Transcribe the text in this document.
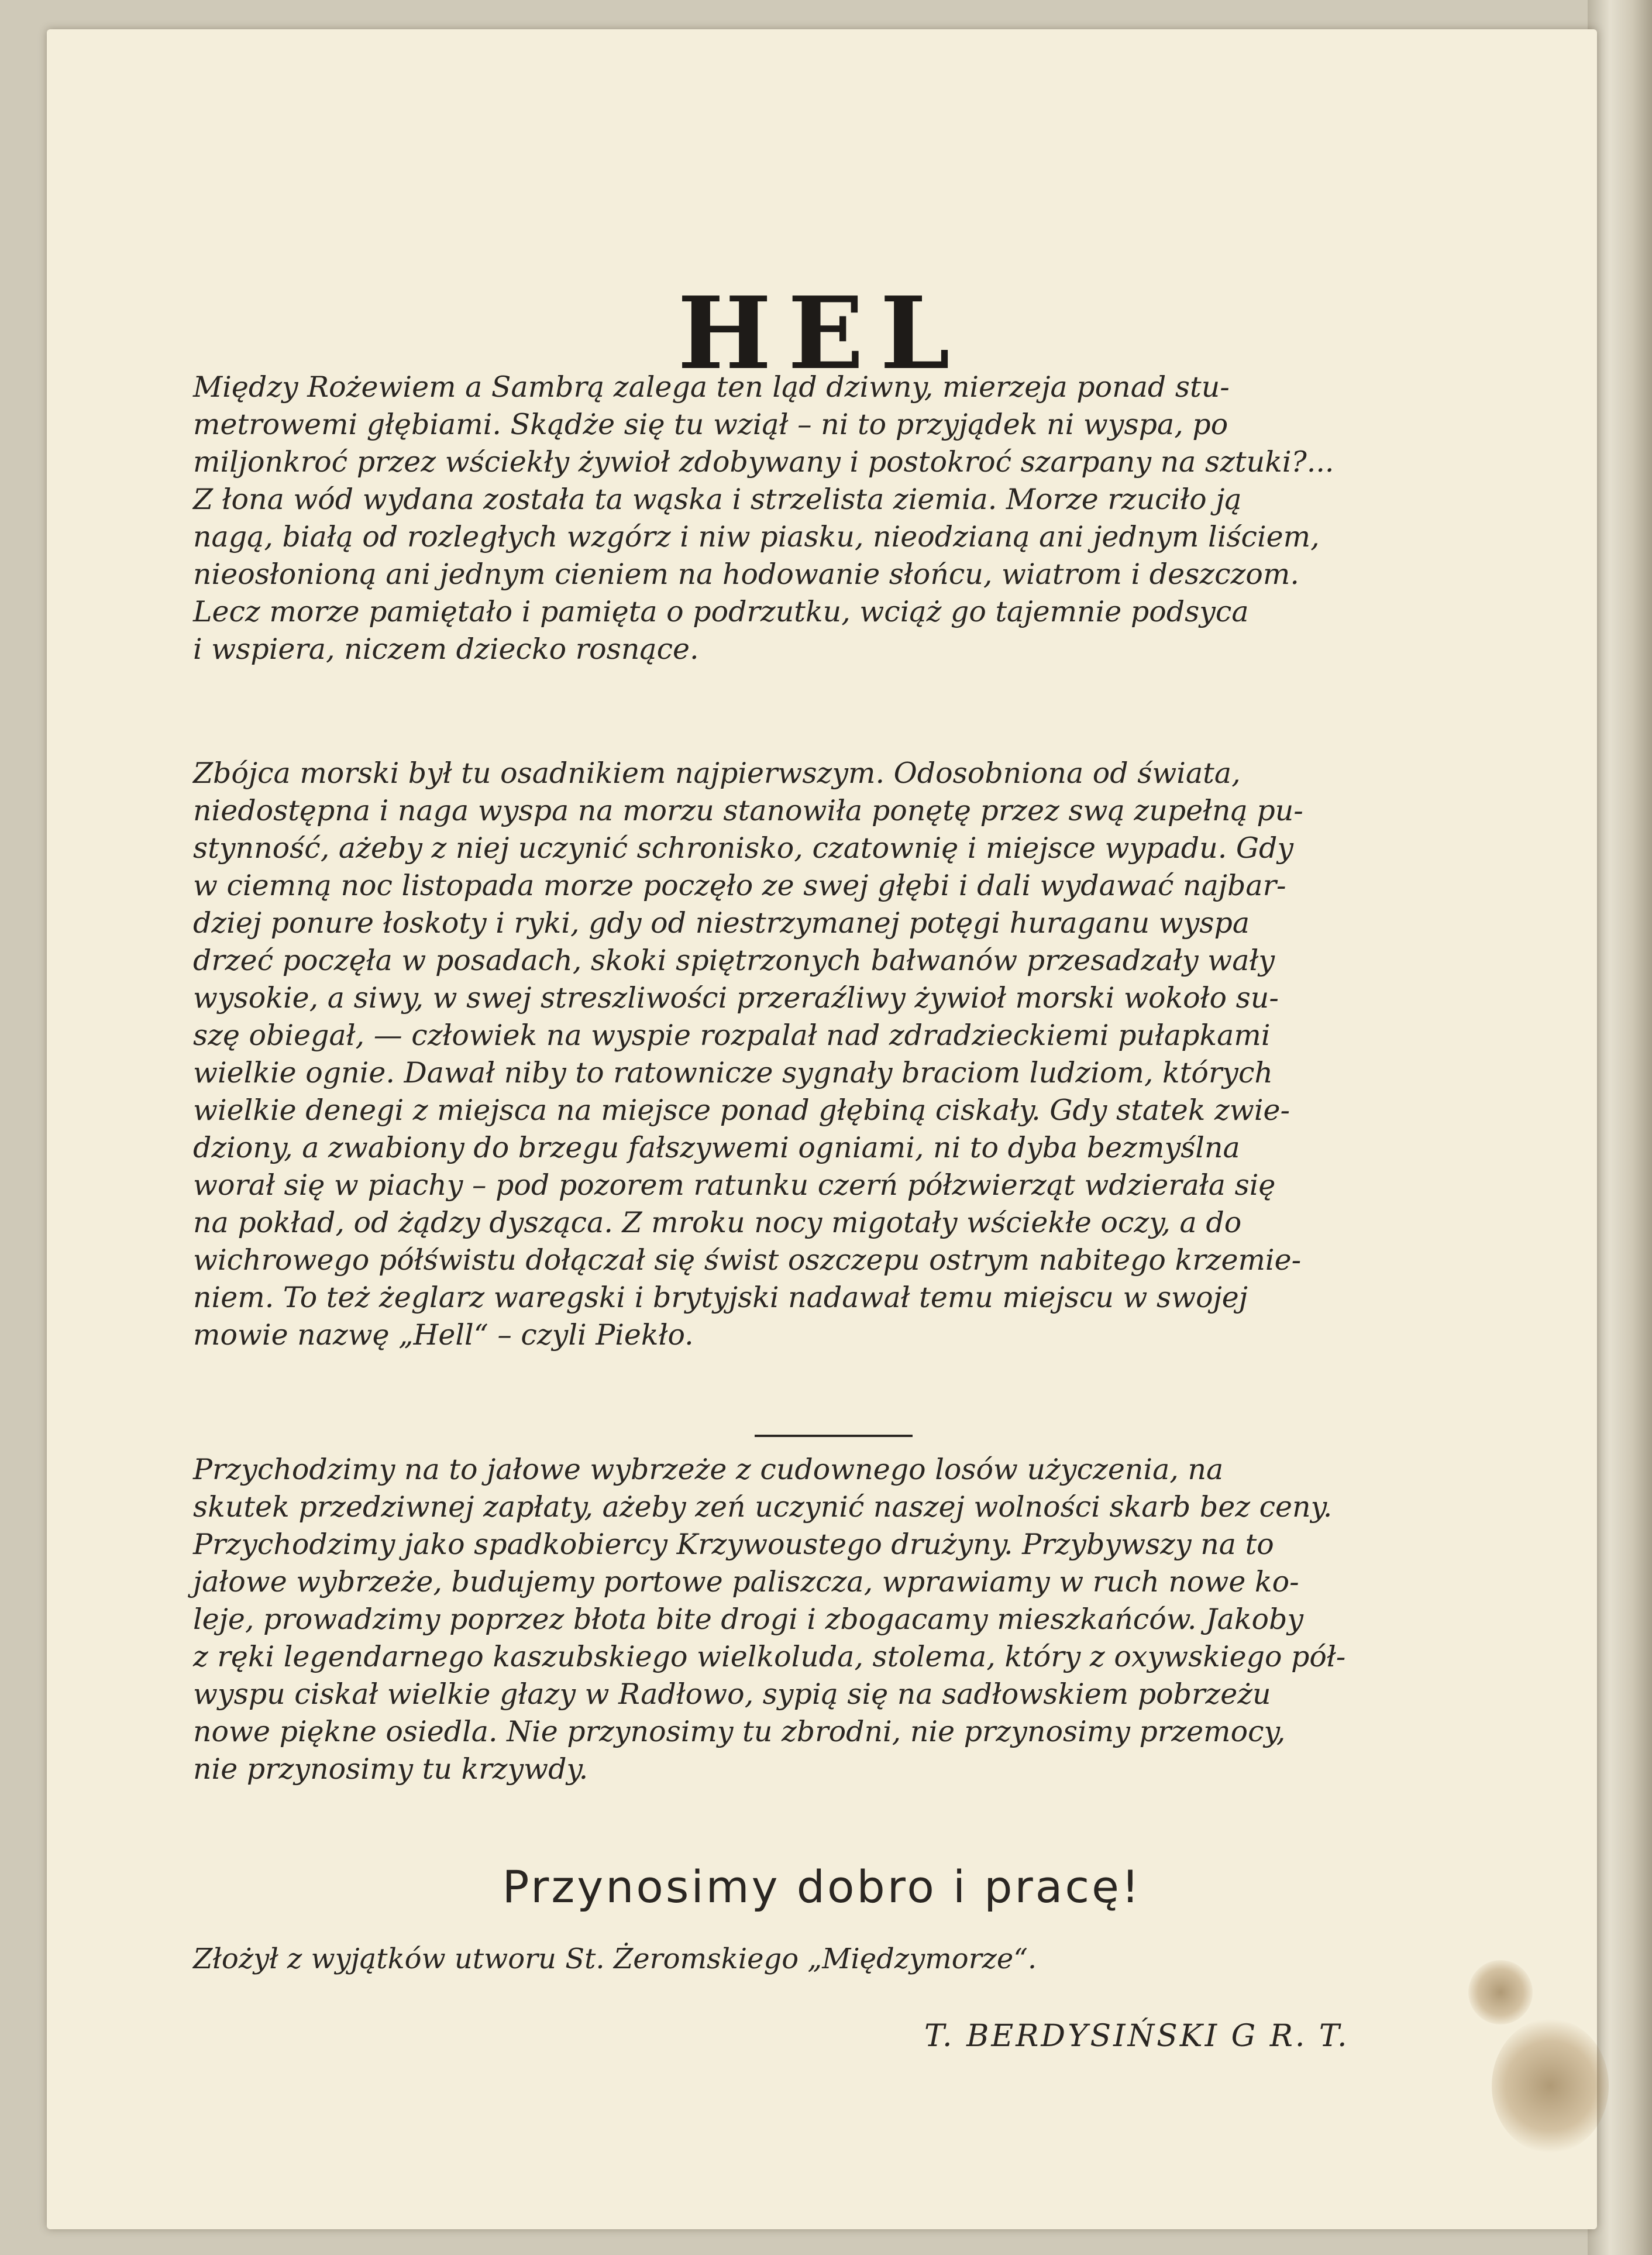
HEL

Między Rożewiem a Sambrą zalega ten ląd dziwny, mierzeja ponad stu-
metrowemi głębiami. Skądże się tu wziął – ni to przyjądek ni wyspa, po
miljonkroć przez wściekły żywioł zdobywany i postokroć szarpany na sztuki?...
Z łona wód wydana została ta wąska i strzelista ziemia. Morze rzuciło ją
nagą, białą od rozległych wzgórz i niw piasku, nieodzianą ani jednym liściem,
nieosłonioną ani jednym cieniem na hodowanie słońcu, wiatrom i deszczom.
Lecz morze pamiętało i pamięta o podrzutku, wciąż go tajemnie podsyca
i wspiera, niczem dziecko rosnące.

Zbójca morski był tu osadnikiem najpierwszym. Odosobniona od świata,
niedostępna i naga wyspa na morzu stanowiła ponętę przez swą zupełną pu-
stynność, ażeby z niej uczynić schronisko, czatownię i miejsce wypadu. Gdy
w ciemną noc listopada morze poczęło ze swej głębi i dali wydawać najbar-
dziej ponure łoskoty i ryki, gdy od niestrzymanej potęgi huraganu wyspa
drzeć poczęła w posadach, skoki spiętrzonych bałwanów przesadzały wały
wysokie, a siwy, w swej streszliwości przeraźliwy żywioł morski wokoło su-
szę obiegał, — człowiek na wyspie rozpalał nad zdradzieckiemi pułapkami
wielkie ognie. Dawał niby to ratownicze sygnały braciom ludziom, których
wielkie denegi z miejsca na miejsce ponad głębiną ciskały. Gdy statek zwie-
dziony, a zwabiony do brzegu fałszywemi ogniami, ni to dyba bezmyślna
worał się w piachy – pod pozorem ratunku czerń półzwierząt wdzierała się
na pokład, od żądzy dysząca. Z mroku nocy migotały wściekłe oczy, a do
wichrowego półświstu dołączał się świst oszczepu ostrym nabitego krzemie-
niem. To też żeglarz waregski i brytyjski nadawał temu miejscu w swojej
mowie nazwę „Hell“ – czyli Piekło.

Przychodzimy na to jałowe wybrzeże z cudownego losów użyczenia, na
skutek przedziwnej zapłaty, ażeby zeń uczynić naszej wolności skarb bez ceny.
Przychodzimy jako spadkobiercy Krzywoustego drużyny. Przybywszy na to
jałowe wybrzeże, budujemy portowe paliszcza, wprawiamy w ruch nowe ko-
leje, prowadzimy poprzez błota bite drogi i zbogacamy mieszkańców. Jakoby
z ręki legendarnego kaszubskiego wielkoluda, stolema, który z oxywskiego pół-
wyspu ciskał wielkie głazy w Radłowo, sypią się na sadłowskiem pobrzeżu
nowe piękne osiedla. Nie przynosimy tu zbrodni, nie przynosimy przemocy,
nie przynosimy tu krzywdy.

Przynosimy dobro i pracę!
Złożył z wyjątków utworu St. Żeromskiego „Międzymorze“.
T. BERDYSIŃSKI G R. T.
